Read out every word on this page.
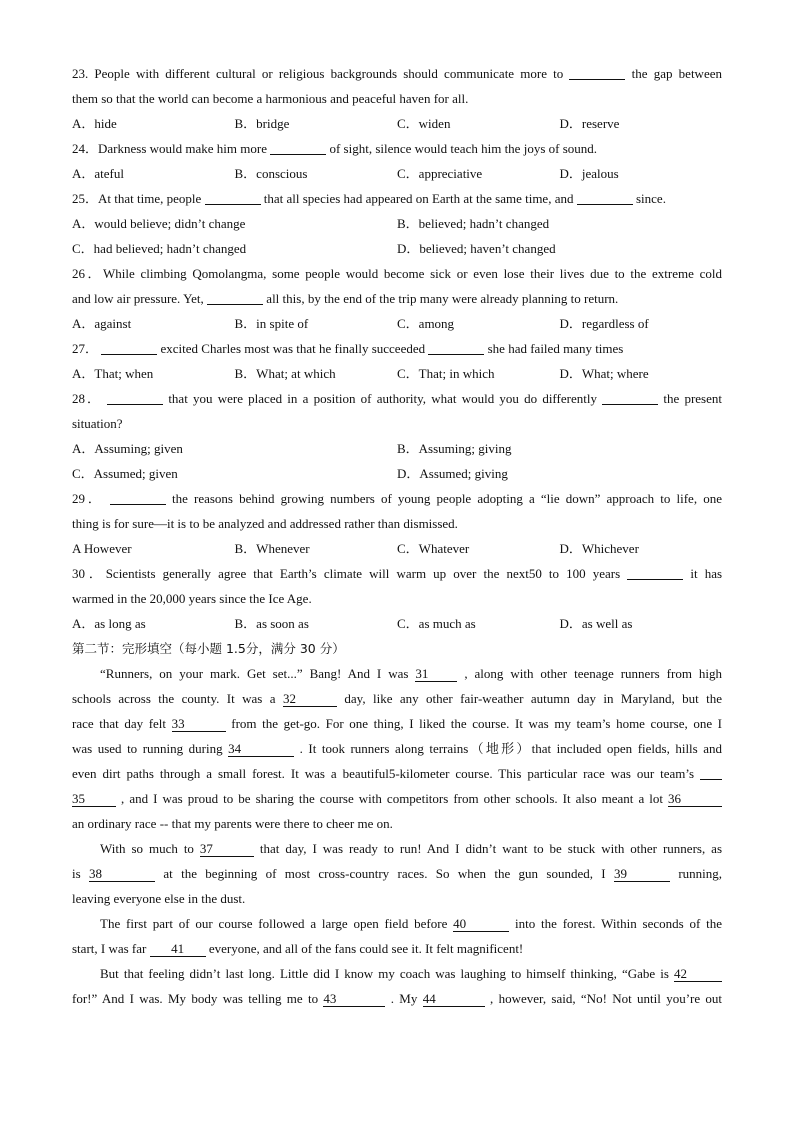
23. People with different cultural or religious backgrounds should communicate more to	the gap between
them so that the world can become a harmonious and peaceful haven for all.
A．hide	B．bridge	C．widen	D．reserve
24．Darkness would make him more	of sight, silence would teach him the joys of sound.
A．ateful	B．conscious	C．appreciative	D．jealous
25．At that time, people	that all species had appeared on Earth at the same time, and	since.
A．would believe; didn’t change	B．believed; hadn’t changed
C．had believed; hadn’t changed	D．believed; haven’t changed
26．While climbing Qomolangma, some people would become sick or even lose their lives due to the extreme cold
and low air pressure. Yet,	all this, by the end of the trip many were already planning to return.
A．against	B．in spite of	C．among	D．regardless of
27．	excited Charles most was that he finally succeeded	she had failed many times
A．That; when	B．What; at which	C．That; in which	D．What; where
28．	that you were placed in a position of authority, what would you do differently	the present
situation?
A．Assuming; given	B．Assuming; giving
C．Assumed; given	D．Assumed; giving
29．	the reasons behind growing numbers of young people adopting a “lie down” approach to life, one
thing is for sure—it is to be analyzed and addressed rather than dismissed.
A However	B．Whenever	C．Whatever	D．Whichever
30．Scientists generally agree that Earth’s climate will warm up over the next50 to 100 years	it has
warmed in the 20,000 years since the Ice Age.
A．as long as	B．as soon as	C．as much as	D．as well as
第二节：完形填空（每小题 1.5分，满分 30 分）
“Runners, on your mark. Get set...” Bang! And I was 31	, along with other teenage runners from high
schools across the county. It was a 32	day, like any other fair-weather autumn day in Maryland, but the
race that day felt 33	from the get-go. For one thing, I liked the course. It was my team’s home course, one I
was used to running during 34	. It took runners along terrains（地形）that included open fields, hills and
even dirt paths through a small forest. It was a beautiful5-kilometer course. This particular race was our team’s
35	, and I was proud to be sharing the course with competitors from other schools. It also meant a lot 36
an ordinary race -- that my parents were there to cheer me on.
With so much to 37	that day, I was ready to run! And I didn’t want to be stuck with other runners, as
is 38	at the beginning of most cross-country races. So when the gun sounded, I 39	running,
leaving everyone else in the dust.
The first part of our course followed a large open field before 40	into the forest. Within seconds of the
start, I was far 41 everyone, and all of the fans could see it. It felt magnificent!
But that feeling didn’t last long. Little did I know my coach was laughing to himself thinking, “Gabe is 42
for!” And I was. My body was telling me to 43	. My 44	, however, said, “No! Not until you’re out
